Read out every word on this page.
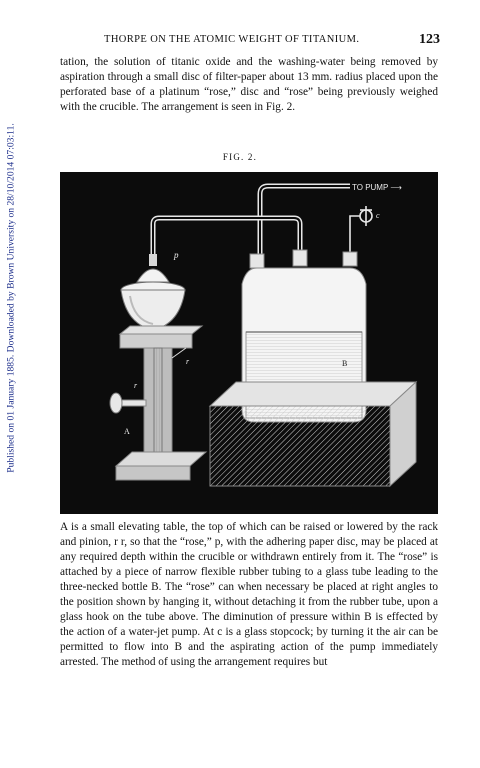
Published on 01 January 1885. Downloaded by Brown University on 28/10/2014 07:03:11.
THORPE ON THE ATOMIC WEIGHT OF TITANIUM.	123

tation, the solution of titanic oxide and the washing-water being removed by aspiration through a small disc of filter-paper about 13 mm. radius placed upon the perforated base of a platinum “rose,” disc and “rose” being previously weighed with the crucible. The arrangement is seen in Fig. 2.

FIG. 2.
TO PUMP ⟶
c
p
r
r
A
B

A is a small elevating table, the top of which can be raised or lowered by the rack and pinion, r r, so that the “rose,” p, with the adhering paper disc, may be placed at any required depth within the crucible or withdrawn entirely from it. The “rose” is attached by a piece of narrow flexible rubber tubing to a glass tube leading to the three-necked bottle B. The “rose” can when necessary be placed at right angles to the position shown by hanging it, without detaching it from the rubber tube, upon a glass hook on the tube above. The diminution of pressure within B is effected by the action of a water-jet pump. At c is a glass stopcock; by turning it the air can be permitted to flow into B and the aspirating action of the pump immediately arrested. The method of using the arrangement requires but
